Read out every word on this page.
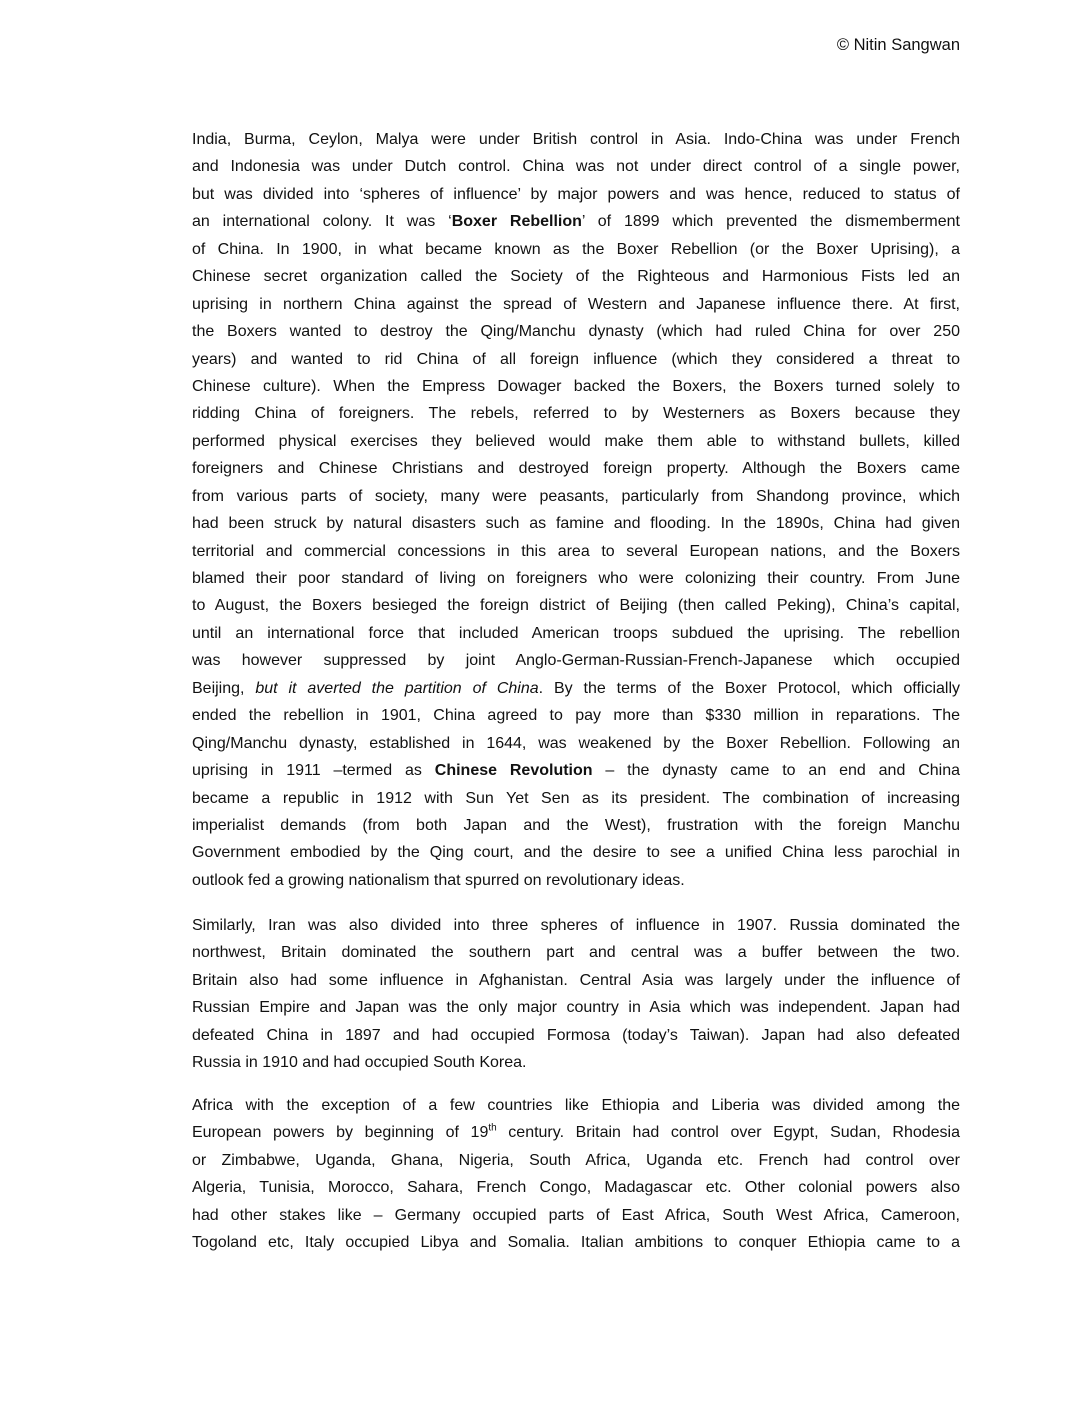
© Nitin Sangwan
India, Burma, Ceylon, Malya were under British control in Asia. Indo-China was under French
and Indonesia was under Dutch control. China was not under direct control of a single power,
but was divided into ‘spheres of influence’ by major powers and was hence, reduced to status of
an international colony. It was ‘Boxer Rebellion’ of 1899 which prevented the dismemberment
of China. In 1900, in what became known as the Boxer Rebellion (or the Boxer Uprising), a
Chinese secret organization called the Society of the Righteous and Harmonious Fists led an
uprising in northern China against the spread of Western and Japanese influence there. At first,
the Boxers wanted to destroy the Qing/Manchu dynasty (which had ruled China for over 250
years) and wanted to rid China of all foreign influence (which they considered a threat to
Chinese culture). When the Empress Dowager backed the Boxers, the Boxers turned solely to
ridding China of foreigners. The rebels, referred to by Westerners as Boxers because they
performed physical exercises they believed would make them able to withstand bullets, killed
foreigners and Chinese Christians and destroyed foreign property. Although the Boxers came
from various parts of society, many were peasants, particularly from Shandong province, which
had been struck by natural disasters such as famine and flooding. In the 1890s, China had given
territorial and commercial concessions in this area to several European nations, and the Boxers
blamed their poor standard of living on foreigners who were colonizing their country. From June
to August, the Boxers besieged the foreign district of Beijing (then called Peking), China’s capital,
until an international force that included American troops subdued the uprising. The rebellion
was however suppressed by joint Anglo-German-Russian-French-Japanese which occupied
Beijing, but it averted the partition of China. By the terms of the Boxer Protocol, which officially
ended the rebellion in 1901, China agreed to pay more than $330 million in reparations. The
Qing/Manchu dynasty, established in 1644, was weakened by the Boxer Rebellion. Following an
uprising in 1911 –termed as Chinese Revolution – the dynasty came to an end and China
became a republic in 1912 with Sun Yet Sen as its president. The combination of increasing
imperialist demands (from both Japan and the West), frustration with the foreign Manchu
Government embodied by the Qing court, and the desire to see a unified China less parochial in
outlook fed a growing nationalism that spurred on revolutionary ideas.
Similarly, Iran was also divided into three spheres of influence in 1907. Russia dominated the
northwest, Britain dominated the southern part and central was a buffer between the two.
Britain also had some influence in Afghanistan. Central Asia was largely under the influence of
Russian Empire and Japan was the only major country in Asia which was independent. Japan had
defeated China in 1897 and had occupied Formosa (today’s Taiwan). Japan had also defeated
Russia in 1910 and had occupied South Korea.
Africa with the exception of a few countries like Ethiopia and Liberia was divided among the
European powers by beginning of 19th century. Britain had control over Egypt, Sudan, Rhodesia
or Zimbabwe, Uganda, Ghana, Nigeria, South Africa, Uganda etc. French had control over
Algeria, Tunisia, Morocco, Sahara, French Congo, Madagascar etc. Other colonial powers also
had other stakes like – Germany occupied parts of East Africa, South West Africa, Cameroon,
Togoland etc, Italy occupied Libya and Somalia. Italian ambitions to conquer Ethiopia came to a
